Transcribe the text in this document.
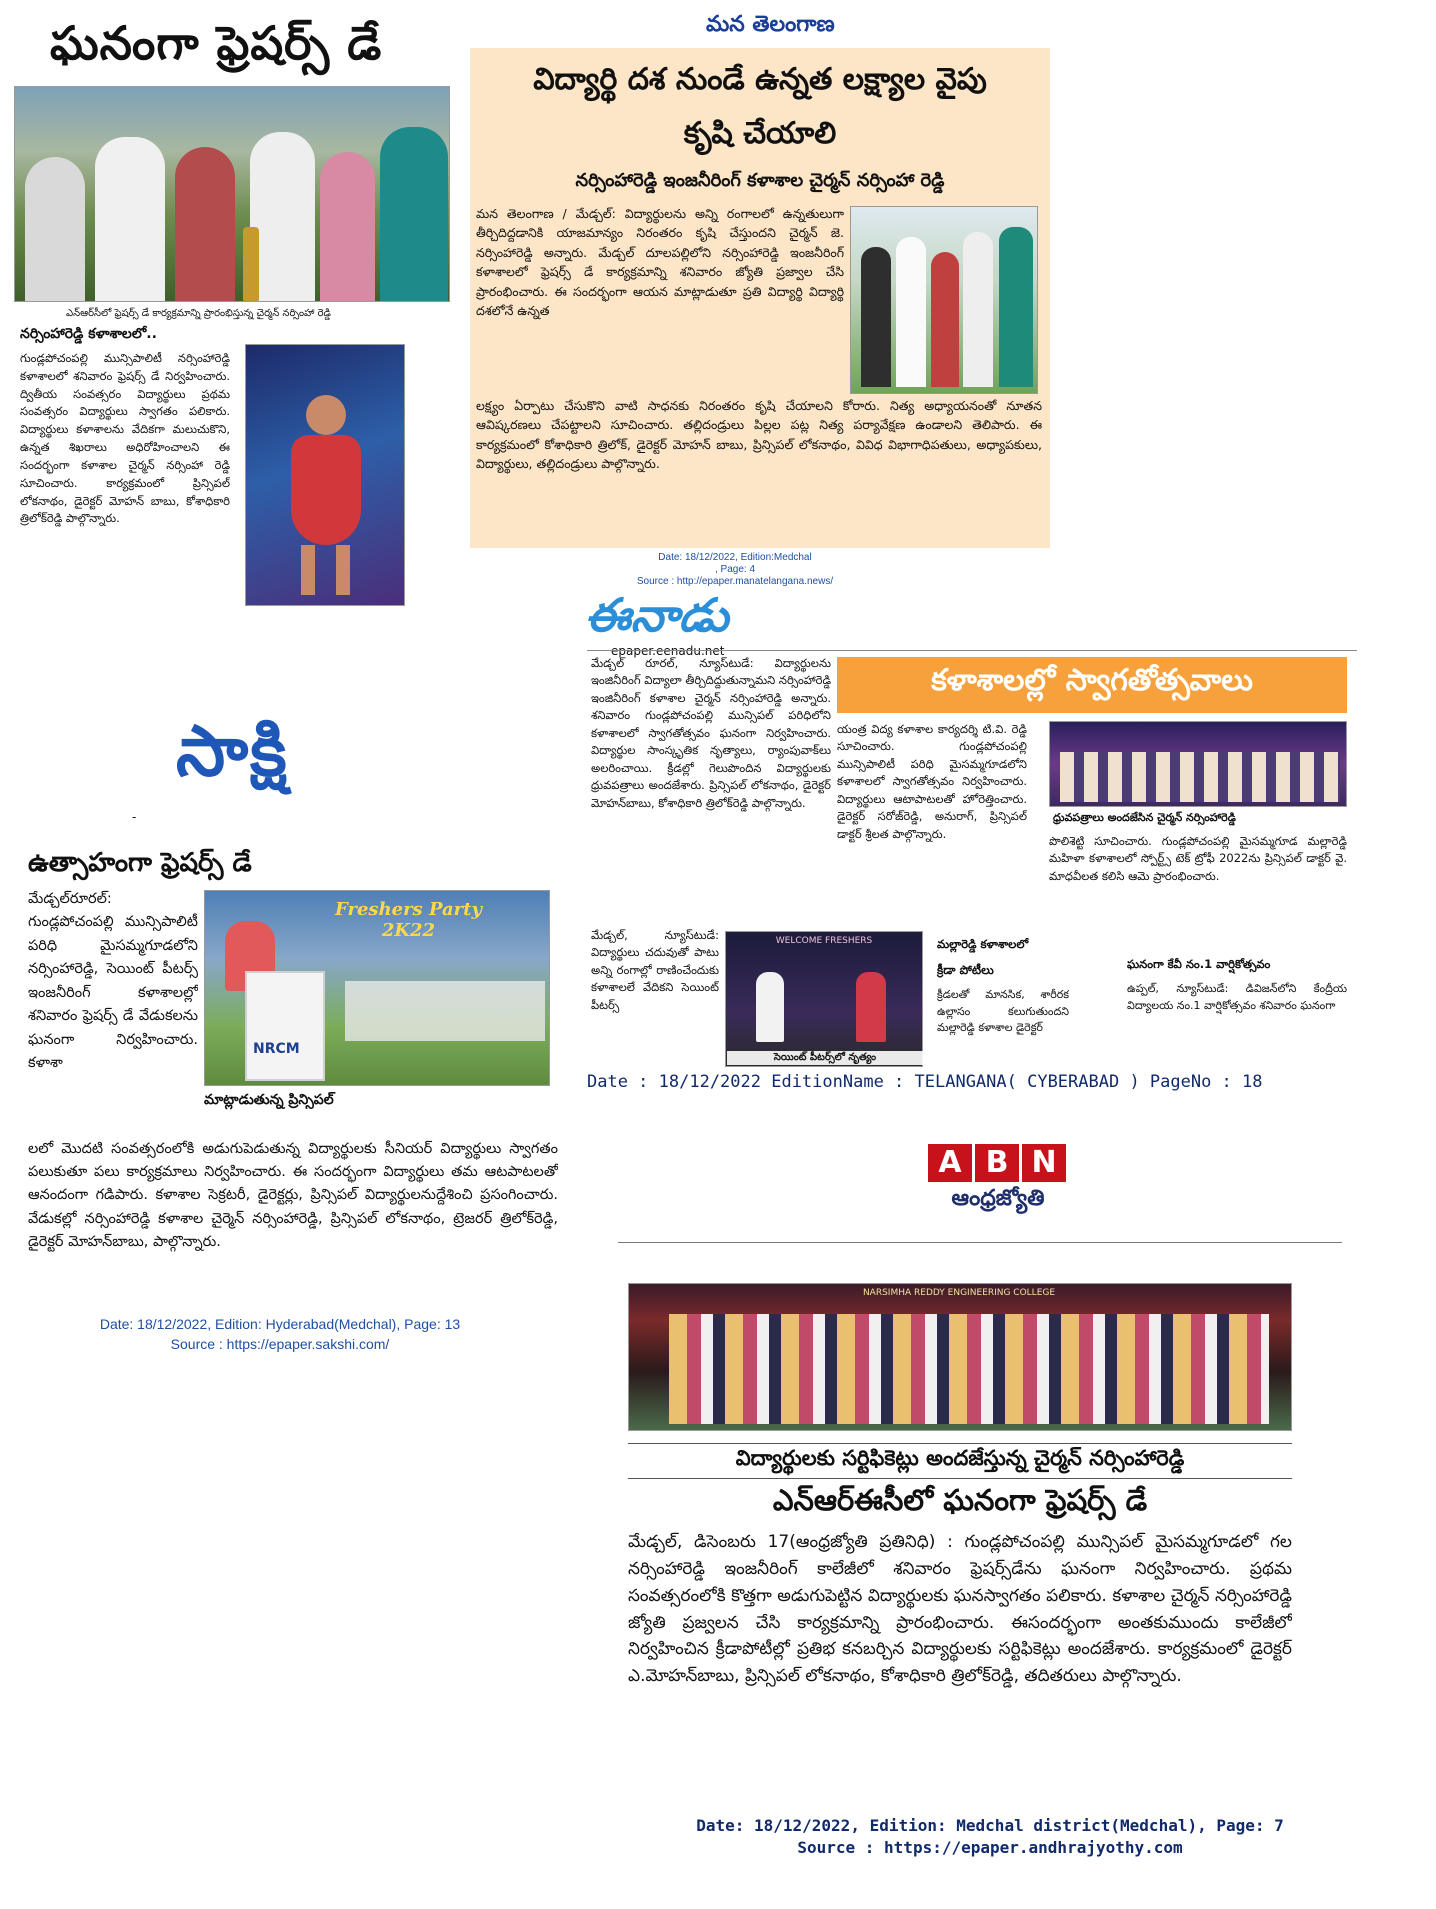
ఘనంగా ఫ్రెషర్స్ డే
ఎన్‌ఆర్‌సీలో ఫ్రెషర్స్ డే కార్యక్రమాన్ని ప్రారంభిస్తున్న చైర్మన్ నర్సింహా రెడ్డి
నర్సింహారెడ్డి కళాశాలలో..
గుండ్లపోచంపల్లి మున్సిపాలిటీ నర్సింహారెడ్డి కళాశాలలో శనివారం ఫ్రెషర్స్ డే నిర్వహించారు. ద్వితీయ సంవత్సరం విద్యార్థులు ప్రథమ సంవత్సరం విద్యార్థులు స్వాగతం పలికారు. విద్యార్థులు కళాశాలను వేదికగా మలుచుకొని, ఉన్నత శిఖరాలు అధిరోహించాలని ఈ సందర్భంగా కళాశాల చైర్మన్ నర్సింహా రెడ్డి సూచించారు. కార్యక్రమంలో ప్రిన్సిపల్ లోకనాథం, డైరెక్టర్ మోహన్ బాబు, కోశాధికారి త్రిలోక్‌రెడ్డి పాల్గొన్నారు.
మన తెలంగాణ
విద్యార్థి దశ నుండే ఉన్నత లక్ష్యాల వైపు
కృషి చేయాలి
నర్సింహారెడ్డి ఇంజనీరింగ్ కళాశాల చైర్మన్ నర్సింహా రెడ్డి
మన తెలంగాణ / మేడ్చల్: విద్యార్థులను అన్ని రంగాలలో ఉన్నతులుగా తీర్చిదిద్దడానికి యాజమాన్యం నిరంతరం కృషి చేస్తుందని చైర్మన్ జె. నర్సింహారెడ్డి అన్నారు. మేడ్చల్ దూలపల్లిలోని నర్సింహారెడ్డి ఇంజనీరింగ్ కళాశాలలో ఫ్రెషర్స్ డే కార్యక్రమాన్ని శనివారం జ్యోతి ప్రజ్వాల చేసి ప్రారంభించారు. ఈ సందర్భంగా ఆయన మాట్లాడుతూ ప్రతి విద్యార్థి విద్యార్థి దశలోనే ఉన్నత
లక్ష్యం ఏర్పాటు చేసుకొని వాటి సాధనకు నిరంతరం కృషి చేయాలని కోరారు. నిత్య అధ్యాయనంతో నూతన ఆవిష్కరణలు చేపట్టాలని సూచించారు. తల్లిదండ్రులు పిల్లల పట్ల నిత్య పర్యావేక్షణ ఉండాలని తెలిపారు. ఈ కార్యక్రమంలో కోశాధికారి త్రిలోక్, డైరెక్టర్ మోహన్ బాబు, ప్రిన్సిపల్ లోకనాథం, వివిధ విభాగాధిపతులు, అధ్యాపకులు, విద్యార్థులు, తల్లిదండ్రులు పాల్గొన్నారు.
Date: 18/12/2022, Edition:Medchal
, Page: 4
Source : http://epaper.manatelangana.news/
సాక్షి
-
ఉత్సాహంగా ఫ్రెషర్స్ డే
మేడ్చల్‌రూరల్: గుండ్లపోచంపల్లి మున్సిపాలిటీ పరిధి మైసమ్మగూడలోని నర్సింహారెడ్డి, సెయింట్ పీటర్స్ ఇంజనీరింగ్ కళాశాలల్లో శనివారం ఫ్రెషర్స్ డే వేడుకలను ఘనంగా నిర్వహించారు. కళాశా
Freshers Party
2K22
NRCM
మాట్లాడుతున్న ప్రిన్సిపల్
లలో మొదటి సంవత్సరంలోకి అడుగుపెడుతున్న విద్యార్థులకు సీనియర్ విద్యార్థులు స్వాగతం పలుకుతూ పలు కార్యక్రమాలు నిర్వహించారు. ఈ సందర్భంగా విద్యార్థులు తమ ఆటపాటలతో ఆనందంగా గడిపారు. కళాశాల సెక్రటరీ, డైరెక్టర్లు, ప్రిన్సిపల్ విద్యార్థులనుద్దేశించి ప్రసంగించారు. వేడుకల్లో నర్సింహారెడ్డి కళాశాల చైర్మెన్ నర్సింహారెడ్డి, ప్రిన్సిపల్ లోకనాథం, ట్రెజరర్ త్రిలోక్‌రెడ్డి, డైరెక్టర్ మోహన్‌బాబు, పాల్గొన్నారు.
Date: 18/12/2022, Edition: Hyderabad(Medchal), Page: 13
Source : https://epaper.sakshi.com/
ఈనాడు
epaper.eenadu.net
మేడ్చల్ రూరల్, న్యూస్‌టుడే: విద్యార్థులను ఇంజినీరింగ్ విద్యాలా తీర్చిదిద్దుతున్నామని నర్సింహారెడ్డి ఇంజినీరింగ్ కళాశాల చైర్మన్ నర్సింహారెడ్డి అన్నారు. శనివారం గుండ్లపోచంపల్లి మున్సిపల్ పరిధిలోని కళాశాలలో స్వాగతోత్సవం ఘనంగా నిర్వహించారు. విద్యార్థుల సాంస్కృతిక నృత్యాలు, ర్యాంపువాక్‌లు అలరించాయి. క్రీడల్లో గెలుపొందిన విద్యార్థులకు ధ్రువపత్రాలు అందజేశారు. ప్రిన్సిపల్ లోకనాథం, డైరెక్టర్ మోహన్‌బాబు, కోశాధికారి త్రిలోక్‌రెడ్డి పాల్గొన్నారు.
మేడ్చల్, న్యూస్‌టుడే: విద్యార్థులు చదువుతో పాటు అన్ని రంగాల్లో రాణించేందుకు కళాశాలలే వేదికని సెయింట్ పీటర్స్
కళాశాలల్లో స్వాగతోత్సవాలు
యంత్ర విద్య కళాశాల కార్యదర్శి టి.వి. రెడ్డి సూచించారు. గుండ్లపోచంపల్లి మున్సిపాలిటీ పరిధి మైసమ్మగూడలోని కళాశాలలో స్వాగతోత్సవం నిర్వహించారు. విద్యార్థులు ఆటాపాటలతో హోరెత్తించారు. డైరెక్టర్ సరోజ్‌రెడ్డి, అనురాగ్, ప్రిన్సిపల్ డాక్టర్ శ్రీలత పాల్గొన్నారు.
ధ్రువపత్రాలు అందజేసిన చైర్మన్ నర్సింహారెడ్డి
పొలిశెట్టి సూచించారు. గుండ్లపోచంపల్లి మైసమ్మగూడ మల్లారెడ్డి మహిళా కళాశాలలో స్పోర్ట్స్ టెక్ ట్రోఫీ 2022ను ప్రిన్సిపల్ డాక్టర్ వై. మాధవీలత కలిసి ఆమె ప్రారంభించారు.
WELCOME FRESHERS
సెయింట్ పీటర్స్‌లో నృత్యం
మల్లారెడ్డి కళాశాలలో
క్రీడా పోటీలు
క్రీడలతో మానసిక, శారీరక ఉల్లాసం కలుగుతుందని మల్లారెడ్డి కళాశాల డైరెక్టర్
ఘనంగా కేవీ నం.1 వార్షికోత్సవం
ఉప్పల్, న్యూస్‌టుడే: డివిజన్‌లోని కేంద్రీయ విద్యాలయ నం.1 వార్షికోత్సవం శనివారం ఘనంగా
Date : 18/12/2022 EditionName : TELANGANA( CYBERABAD ) PageNo : 18
A B N
ఆంధ్రజ్యోతి
NARSIMHA REDDY ENGINEERING COLLEGE
విద్యార్థులకు సర్టిఫికెట్లు అందజేస్తున్న చైర్మన్ నర్సింహారెడ్డి
ఎన్ఆర్ఈసీలో ఘనంగా ఫ్రెషర్స్ డే
మేడ్చల్, డిసెంబరు 17(ఆంధ్రజ్యోతి ప్రతినిధి) : గుండ్లపోచంపల్లి మున్సిపల్ మైసమ్మగూడలో గల నర్సింహారెడ్డి ఇంజనీరింగ్ కాలేజీలో శనివారం ఫ్రెషర్స్‌డేను ఘనంగా నిర్వహించారు. ప్రథమ సంవత్సరంలోకి కొత్తగా అడుగుపెట్టిన విద్యార్థులకు ఘనస్వాగతం పలికారు. కళాశాల చైర్మన్ నర్సింహారెడ్డి జ్యోతి ప్రజ్వలన చేసి కార్యక్రమాన్ని ప్రారంభించారు. ఈసందర్భంగా అంతకుముందు కాలేజీలో నిర్వహించిన క్రీడాపోటీల్లో ప్రతిభ కనబర్చిన విద్యార్థులకు సర్టిఫికెట్లు అందజేశారు. కార్యక్రమంలో డైరెక్టర్ ఎ.మోహన్‌బాబు, ప్రిన్సిపల్ లోకనాథం, కోశాధికారి త్రిలోక్‌రెడ్డి, తదితరులు పాల్గొన్నారు.
Date: 18/12/2022, Edition: Medchal district(Medchal), Page: 7
Source : https://epaper.andhrajyothy.com
